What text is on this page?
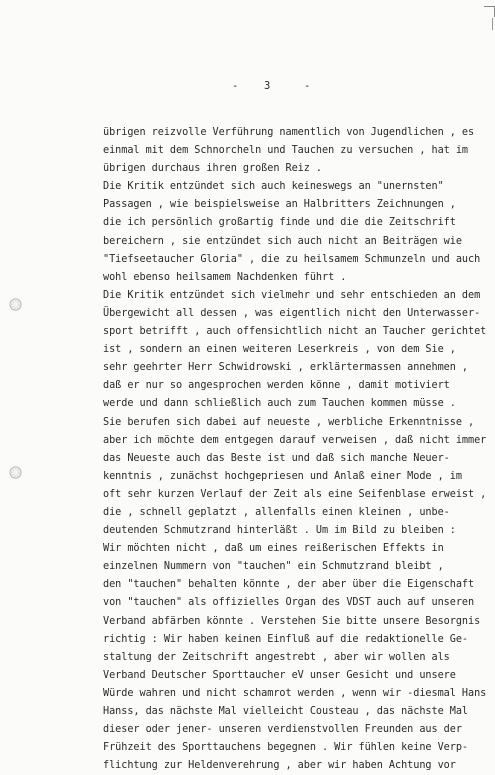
- 3	-
übrigen reizvolle Verführung namentlich von Jugendlichen , es
einmal mit dem Schnorcheln und Tauchen zu versuchen , hat im
übrigen durchaus ihren großen Reiz .
Die Kritik entzündet sich auch keineswegs an "unernsten"
Passagen , wie beispielsweise an Halbritters Zeichnungen ,
die ich persönlich großartig finde und die die Zeitschrift
bereichern , sie entzündet sich auch nicht an Beiträgen wie
"Tiefseetaucher Gloria" , die zu heilsamem Schmunzeln und auch
wohl ebenso heilsamem Nachdenken führt .
Die Kritik entzündet sich vielmehr und sehr entschieden an dem
Übergewicht all dessen , was eigentlich nicht den Unterwasser-
sport betrifft , auch offensichtlich nicht an Taucher gerichtet
ist , sondern an einen weiteren Leserkreis , von dem Sie ,
sehr geehrter Herr Schwidrowski , erklärtermassen annehmen ,
daß er nur so angesprochen werden könne , damit motiviert
werde und dann schließlich auch zum Tauchen kommen müsse .
Sie berufen sich dabei auf neueste , werbliche Erkenntnisse ,
aber ich möchte dem entgegen darauf verweisen , daß nicht immer
das Neueste auch das Beste ist und daß sich manche Neuer-
kenntnis , zunächst hochgepriesen und Anlaß einer Mode , im
oft sehr kurzen Verlauf der Zeit als eine Seifenblase erweist ,
die , schnell geplatzt , allenfalls einen kleinen , unbe-
deutenden Schmutzrand hinterläßt . Um im Bild zu bleiben :
Wir möchten nicht , daß um eines reißerischen Effekts in
einzelnen Nummern von "tauchen" ein Schmutzrand bleibt ,
den "tauchen" behalten könnte , der aber über die Eigenschaft
von "tauchen" als offizielles Organ des VDST auch auf unseren
Verband abfärben könnte . Verstehen Sie bitte unsere Besorgnis
richtig : Wir haben keinen Einfluß auf die redaktionelle Ge-
staltung der Zeitschrift angestrebt , aber wir wollen als
Verband Deutscher Sporttaucher eV unser Gesicht und unsere
Würde wahren und nicht schamrot werden , wenn wir -diesmal Hans
Hanss, das nächste Mal vielleicht Cousteau , das nächste Mal
dieser oder jener- unseren verdienstvollen Freunden aus der
Frühzeit des Sporttauchens begegnen . Wir fühlen keine Verp-
flichtung zur Heldenverehrung , aber wir haben Achtung vor
